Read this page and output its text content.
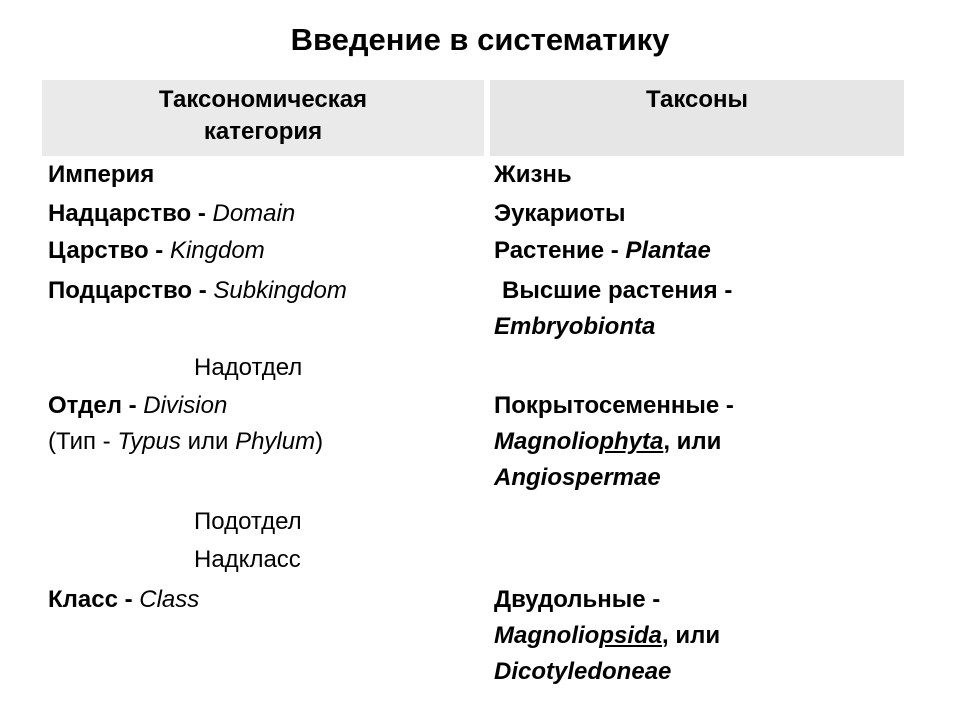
Введение в систематику
Таксономическая
категория
Таксоны
Империя
Надцарство - Domain
Царство - Kingdom
Подцарство - Subkingdom
Надотдел
Отдел - Division
(Тип - Typus или Phylum)
Подотдел
Надкласс
Класс - Class
Жизнь
Эукариоты
Растение - Plantae
Высшие растения -
Embryobionta
Покрытосеменные -
Magnoliophyta, или
Angiospermae
Двудольные -
Magnoliopsida, или
Dicotyledoneae
